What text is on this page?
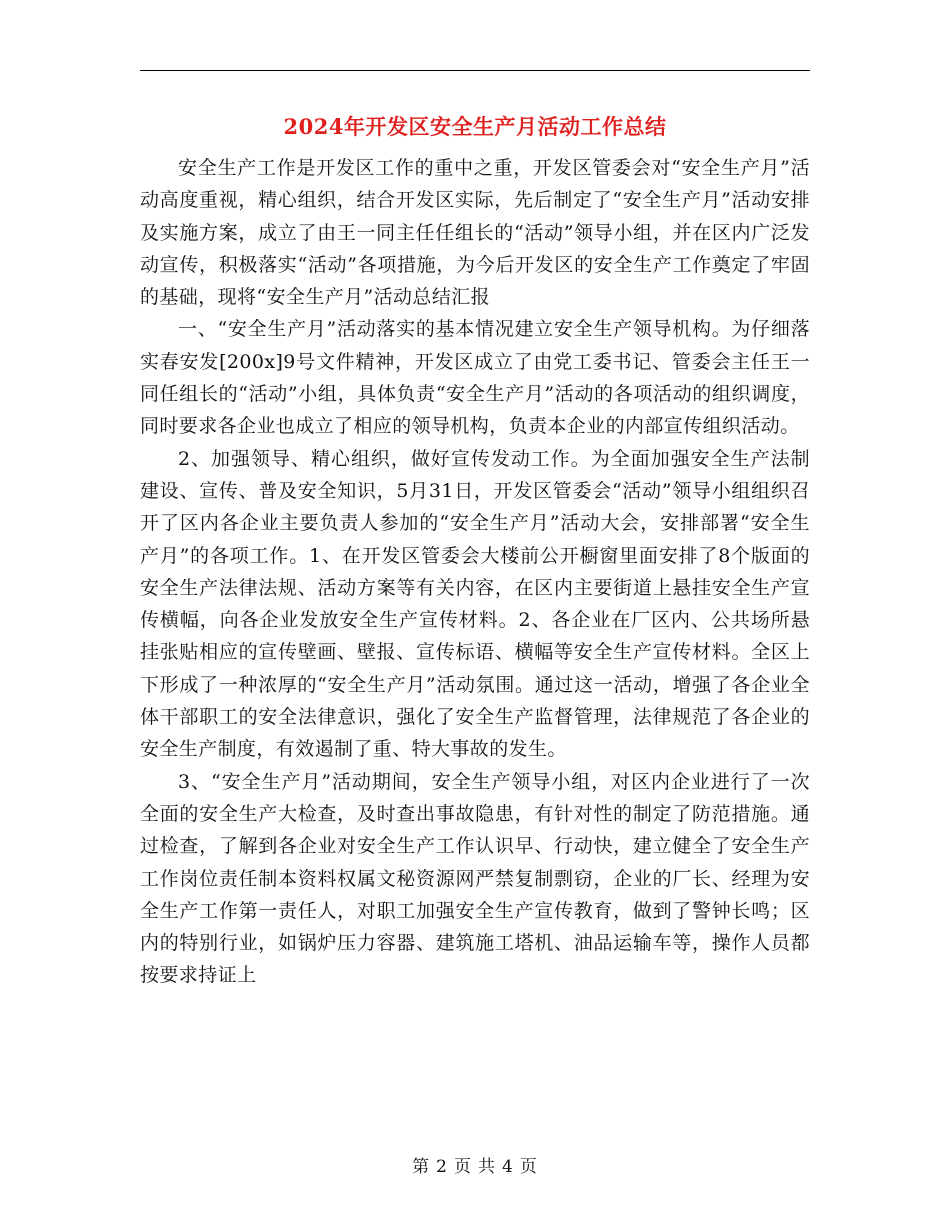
2024年开发区安全生产月活动工作总结

安全生产工作是开发区工作的重中之重，开发区管委会对“安全生产月”活动高度重视，精心组织，结合开发区实际，先后制定了“安全生产月”活动安排及实施方案，成立了由王一同主任任组长的“活动”领导小组，并在区内广泛发动宣传，积极落实“活动”各项措施，为今后开发区的安全生产工作奠定了牢固的基础，现将“安全生产月”活动总结汇报

一、“安全生产月”活动落实的基本情况建立安全生产领导机构。为仔细落实春安发[200x]9号文件精神，开发区成立了由党工委书记、管委会主任王一同任组长的“活动”小组，具体负责“安全生产月”活动的各项活动的组织调度，同时要求各企业也成立了相应的领导机构，负责本企业的内部宣传组织活动。

2、加强领导、精心组织，做好宣传发动工作。为全面加强安全生产法制建设、宣传、普及安全知识，5月31日，开发区管委会“活动”领导小组组织召开了区内各企业主要负责人参加的“安全生产月”活动大会，安排部署“安全生产月”的各项工作。1、在开发区管委会大楼前公开橱窗里面安排了8个版面的安全生产法律法规、活动方案等有关内容，在区内主要街道上悬挂安全生产宣传横幅，向各企业发放安全生产宣传材料。2、各企业在厂区内、公共场所悬挂张贴相应的宣传壁画、壁报、宣传标语、横幅等安全生产宣传材料。全区上下形成了一种浓厚的“安全生产月”活动氛围。通过这一活动，增强了各企业全体干部职工的安全法律意识，强化了安全生产监督管理，法律规范了各企业的安全生产制度，有效遏制了重、特大事故的发生。

3、“安全生产月”活动期间，安全生产领导小组，对区内企业进行了一次全面的安全生产大检查，及时查出事故隐患，有针对性的制定了防范措施。通过检查，了解到各企业对安全生产工作认识早、行动快，建立健全了安全生产工作岗位责任制本资料权属文秘资源网严禁复制剽窃，企业的厂长、经理为安全生产工作第一责任人，对职工加强安全生产宣传教育，做到了警钟长鸣；区内的特别行业，如锅炉压力容器、建筑施工塔机、油品运输车等，操作人员都按要求持证上

第 2 页 共 4 页
